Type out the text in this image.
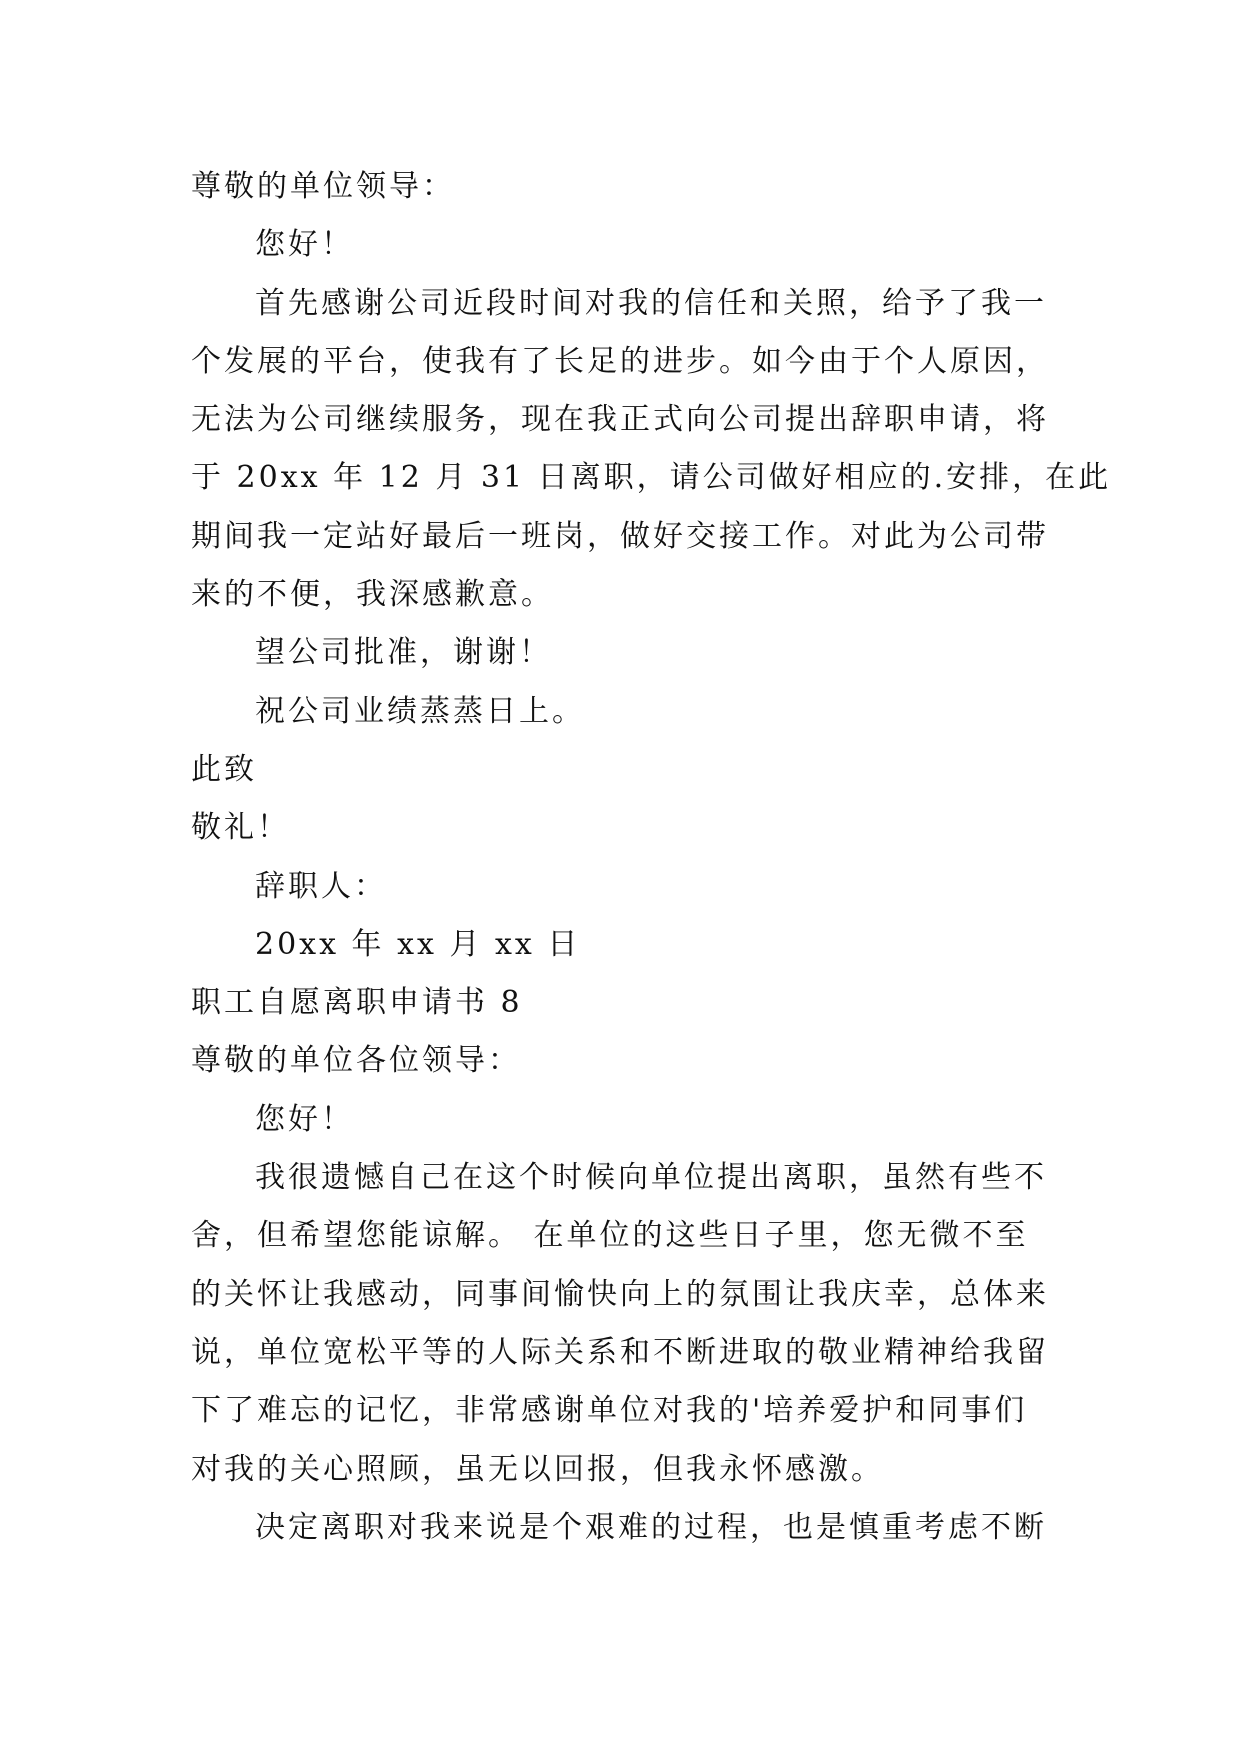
尊敬的单位领导：
您好！
首先感谢公司近段时间对我的信任和关照，给予了我一
个发展的平台，使我有了长足的进步。如今由于个人原因，
无法为公司继续服务，现在我正式向公司提出辞职申请，将
于 20xx 年 12 月 31 日离职，请公司做好相应的.安排，在此
期间我一定站好最后一班岗，做好交接工作。对此为公司带
来的不便，我深感歉意。
望公司批准，谢谢！
祝公司业绩蒸蒸日上。
此致
敬礼！
辞职人：
20xx 年 xx 月 xx 日
职工自愿离职申请书 8
尊敬的单位各位领导：
您好！
我很遗憾自己在这个时候向单位提出离职，虽然有些不
舍，但希望您能谅解。 在单位的这些日子里，您无微不至
的关怀让我感动，同事间愉快向上的氛围让我庆幸，总体来
说，单位宽松平等的人际关系和不断进取的敬业精神给我留
下了难忘的记忆，非常感谢单位对我的'培养爱护和同事们
对我的关心照顾，虽无以回报，但我永怀感激。
决定离职对我来说是个艰难的过程，也是慎重考虑不断
